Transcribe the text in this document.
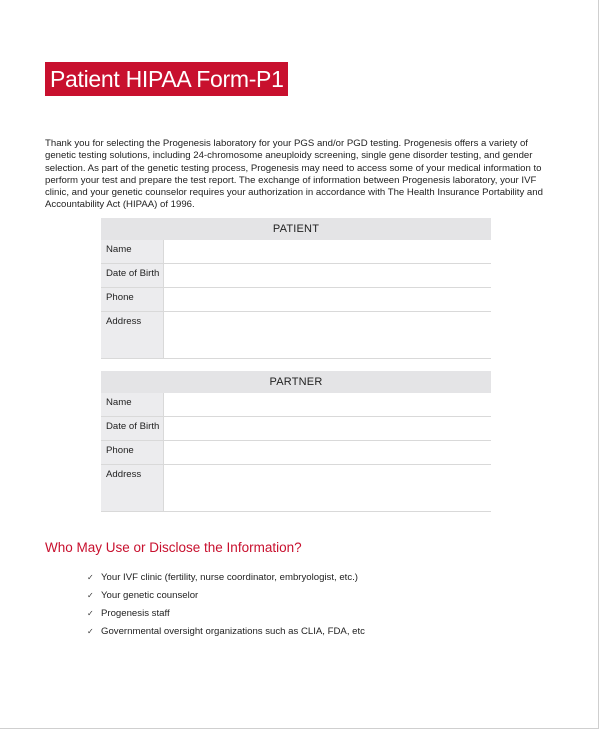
Patient HIPAA Form-P1

Thank you for selecting the Progenesis laboratory for your PGS and/or PGD testing. Progenesis offers a variety of genetic testing solutions, including 24-chromosome aneuploidy screening, single gene disorder testing, and gender selection. As part of the genetic testing process, Progenesis may need to access some of your medical information to perform your test and prepare the test report. The exchange of information between Progenesis laboratory, your IVF clinic, and your genetic counselor requires your authorization in accordance with The Health Insurance Portability and Accountability Act (HIPAA) of 1996.

PATIENT
Name
Date of Birth
Phone
Address
PARTNER
Name
Date of Birth
Phone
Address
Who May Use or Disclose the Information?
✓ Your IVF clinic (fertility, nurse coordinator, embryologist, etc.)
✓ Your genetic counselor
✓ Progenesis staff
✓ Governmental oversight organizations such as CLIA, FDA, etc
